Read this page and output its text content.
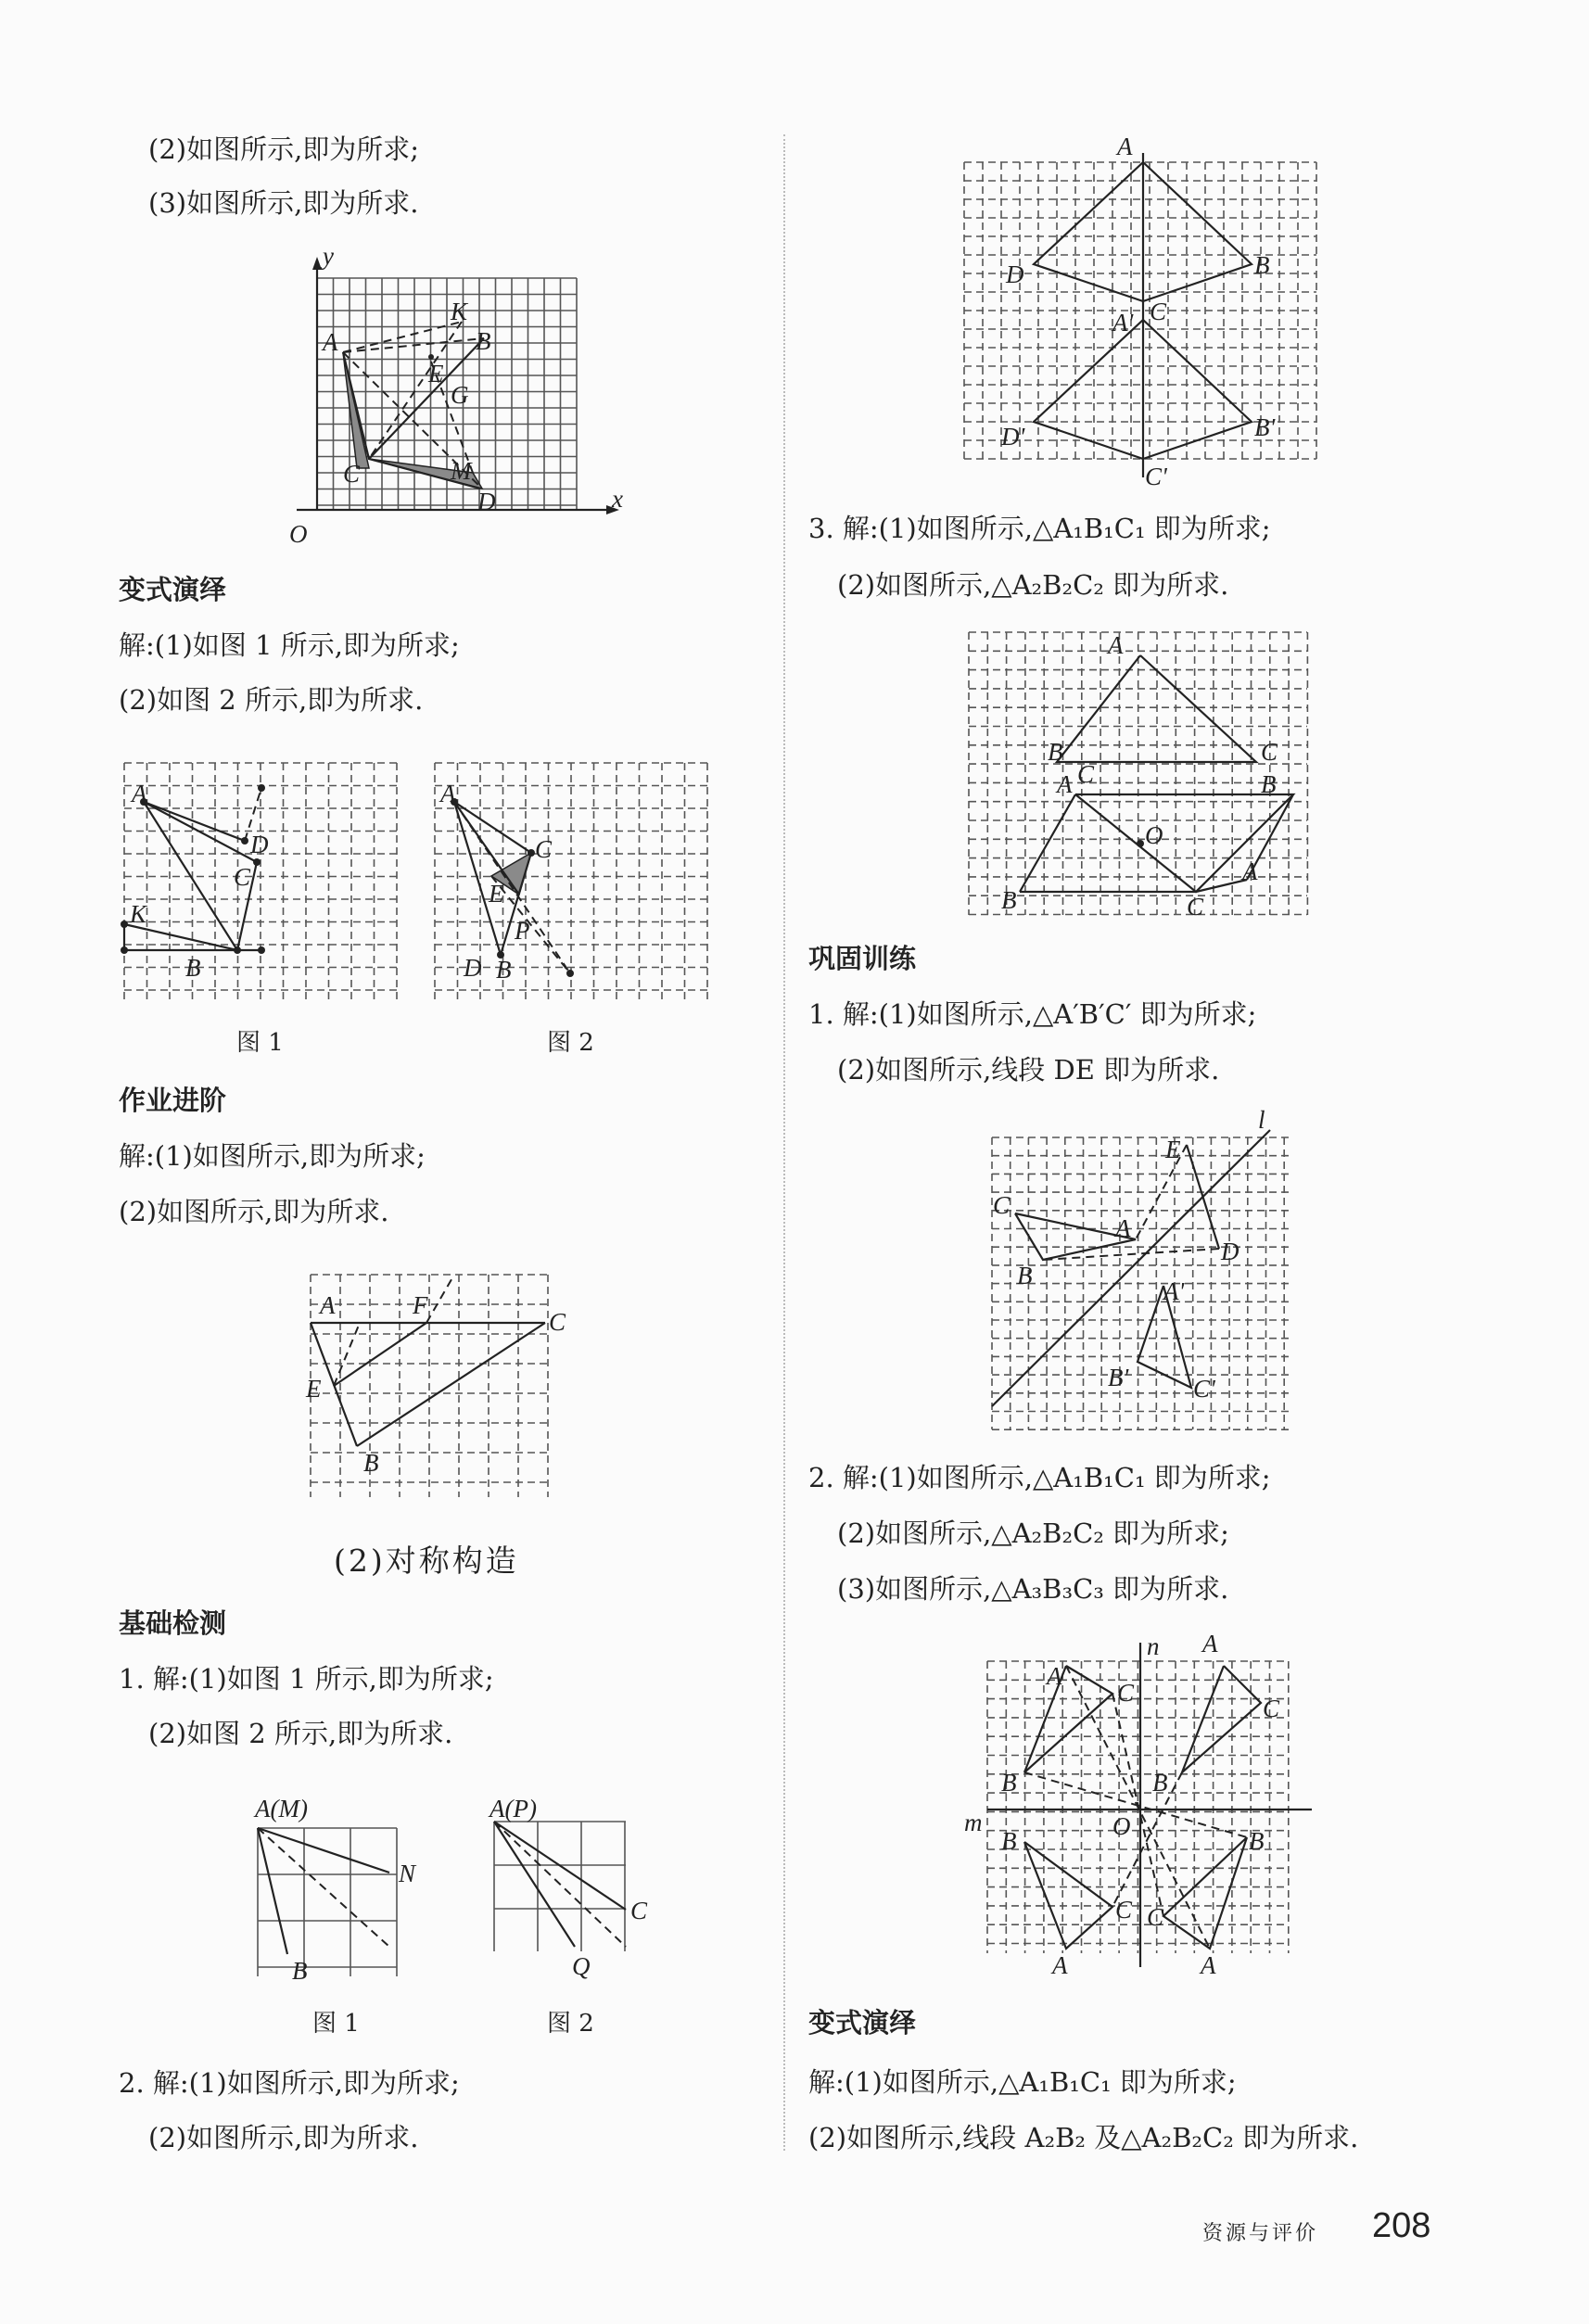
(2)如图所示,即为所求;
(3)如图所示,即为所求.
y
x
O
A
K
B
E
G
C	M
D
变式演绎
解:(1)如图 1 所示,即为所求;
(2)如图 2 所示,即为所求.
A
D
C
K
B
图 1
A
C
E
P
D B
图 2
作业进阶
解:(1)如图所示,即为所求;
(2)如图所示,即为所求.
A	F
C
E
B
(2)对称构造
基础检测
1. 解:(1)如图 1 所示,即为所求;
(2)如图 2 所示,即为所求.
A(M)
N
B
图 1
A(P)
C
Q
图 2
2. 解:(1)如图所示,即为所求;
(2)如图所示,即为所求.
A
D	B
A' C
D'	B'
C'
3. 解:(1)如图所示,△A₁B₁C₁ 即为所求;
(2)如图所示,△A₂B₂C₂ 即为所求.
A
B	C
A C	B
O
B	C
A
巩固训练
1. 解:(1)如图所示,△A′B′C′ 即为所求;
(2)如图所示,线段 DE 即为所求.
l
E
C
A
D
B
A'
B'	C'
2. 解:(1)如图所示,△A₁B₁C₁ 即为所求;
(2)如图所示,△A₂B₂C₂ 即为所求;
(3)如图所示,△A₃B₃C₃ 即为所求.
n
m	O
A
C
B
A
C
B
B
A
C
B
C
A
变式演绎
解:(1)如图所示,△A₁B₁C₁ 即为所求;
(2)如图所示,线段 A₂B₂ 及△A₂B₂C₂ 即为所求.
资源与评价 208
